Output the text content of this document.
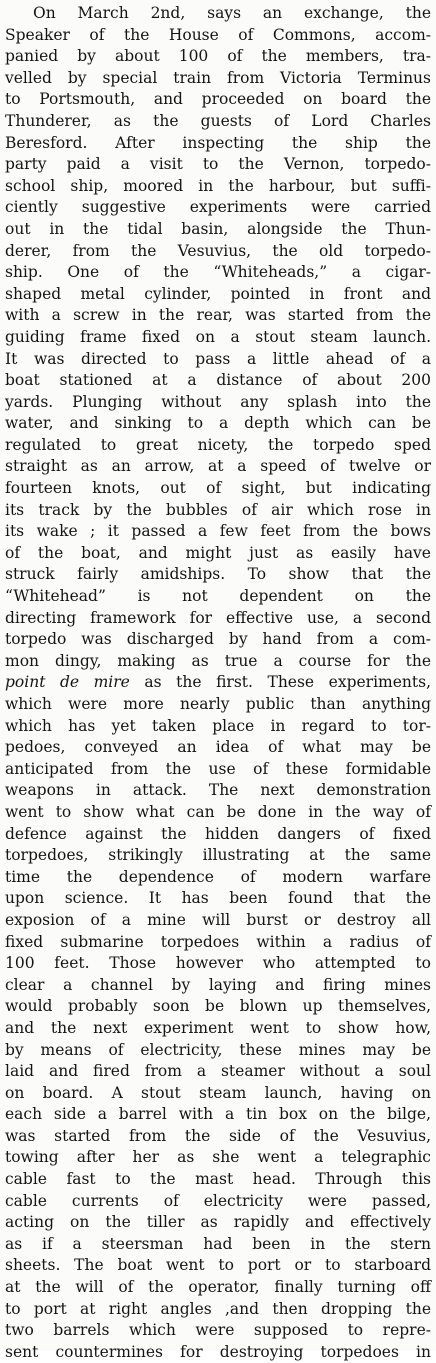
On March 2nd, says an exchange, the
Speaker of the House of Commons, accom-
panied by about 100 of the members, tra-
velled by special train from Victoria Terminus
to Portsmouth, and proceeded on board the
Thunderer, as the guests of Lord Charles
Beresford. After inspecting the ship the
party paid a visit to the Vernon, torpedo-
school ship, moored in the harbour, but suffi-
ciently suggestive experiments were carried
out in the tidal basin, alongside the Thun-
derer, from the Vesuvius, the old torpedo-
ship. One of the “Whiteheads,” a cigar-
shaped metal cylinder, pointed in front and
with a screw in the rear, was started from the
guiding frame fixed on a stout steam launch.
It was directed to pass a little ahead of a
boat stationed at a distance of about 200
yards. Plunging without any splash into the
water, and sinking to a depth which can be
regulated to great nicety, the torpedo sped
straight as an arrow, at a speed of twelve or
fourteen knots, out of sight, but indicating
its track by the bubbles of air which rose in
its wake ; it passed a few feet from the bows
of the boat, and might just as easily have
struck fairly amidships. To show that the
“Whitehead” is not dependent on the
directing framework for effective use, a second
torpedo was discharged by hand from a com-
mon dingy, making as true a course for the
point de mire as the first. These experiments,
which were more nearly public than anything
which has yet taken place in regard to tor-
pedoes, conveyed an idea of what may be
anticipated from the use of these formidable
weapons in attack. The next demonstration
went to show what can be done in the way of
defence against the hidden dangers of fixed
torpedoes, strikingly illustrating at the same
time the dependence of modern warfare
upon science. It has been found that the
exposion of a mine will burst or destroy all
fixed submarine torpedoes within a radius of
100 feet. Those however who attempted to
clear a channel by laying and firing mines
would probably soon be blown up themselves,
and the next experiment went to show how,
by means of electricity, these mines may be
laid and fired from a steamer without a soul
on board. A stout steam launch, having on
each side a barrel with a tin box on the bilge,
was started from the side of the Vesuvius,
towing after her as she went a telegraphic
cable fast to the mast head. Through this
cable currents of electricity were passed,
acting on the tiller as rapidly and effectively
as if a steersman had been in the stern
sheets. The boat went to port or to starboard
at the will of the operator, finally turning off
to port at right angles ,and then dropping the
two barrels which were supposed to repre-
sent countermines for destroying torpedoes in
